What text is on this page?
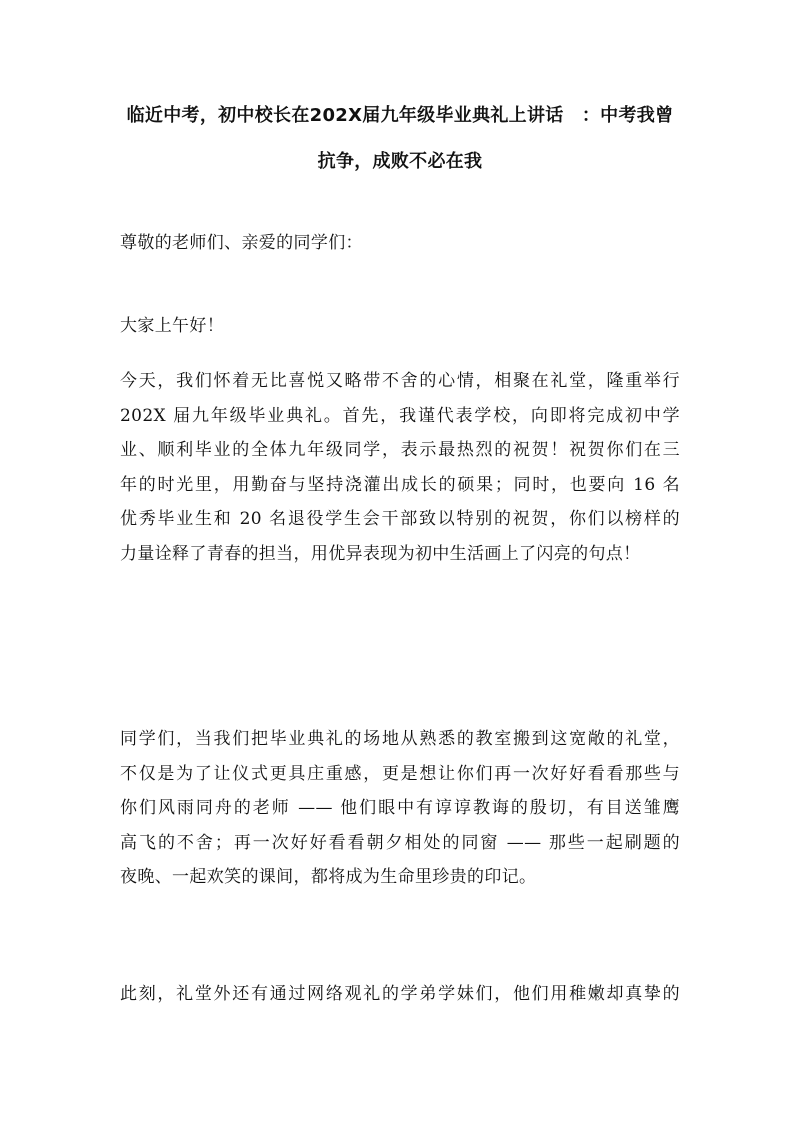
临近中考，初中校长在202X届九年级毕业典礼上讲话　：中考我曾
抗争，成败不必在我

尊敬的老师们、亲爱的同学们：

大家上午好！

今天，我们怀着无比喜悦又略带不舍的心情，相聚在礼堂，隆重举行
202X 届九年级毕业典礼。首先，我谨代表学校，向即将完成初中学
业、顺利毕业的全体九年级同学，表示最热烈的祝贺！祝贺你们在三
年的时光里，用勤奋与坚持浇灌出成长的硕果；同时，也要向 16 名
优秀毕业生和 20 名退役学生会干部致以特别的祝贺，你们以榜样的
力量诠释了青春的担当，用优异表现为初中生活画上了闪亮的句点！

同学们，当我们把毕业典礼的场地从熟悉的教室搬到这宽敞的礼堂，
不仅是为了让仪式更具庄重感，更是想让你们再一次好好看看那些与
你们风雨同舟的老师 —— 他们眼中有谆谆教诲的殷切，有目送雏鹰
高飞的不舍；再一次好好看看朝夕相处的同窗 —— 那些一起刷题的
夜晚、一起欢笑的课间，都将成为生命里珍贵的印记。

此刻，礼堂外还有通过网络观礼的学弟学妹们，他们用稚嫩却真挚的
